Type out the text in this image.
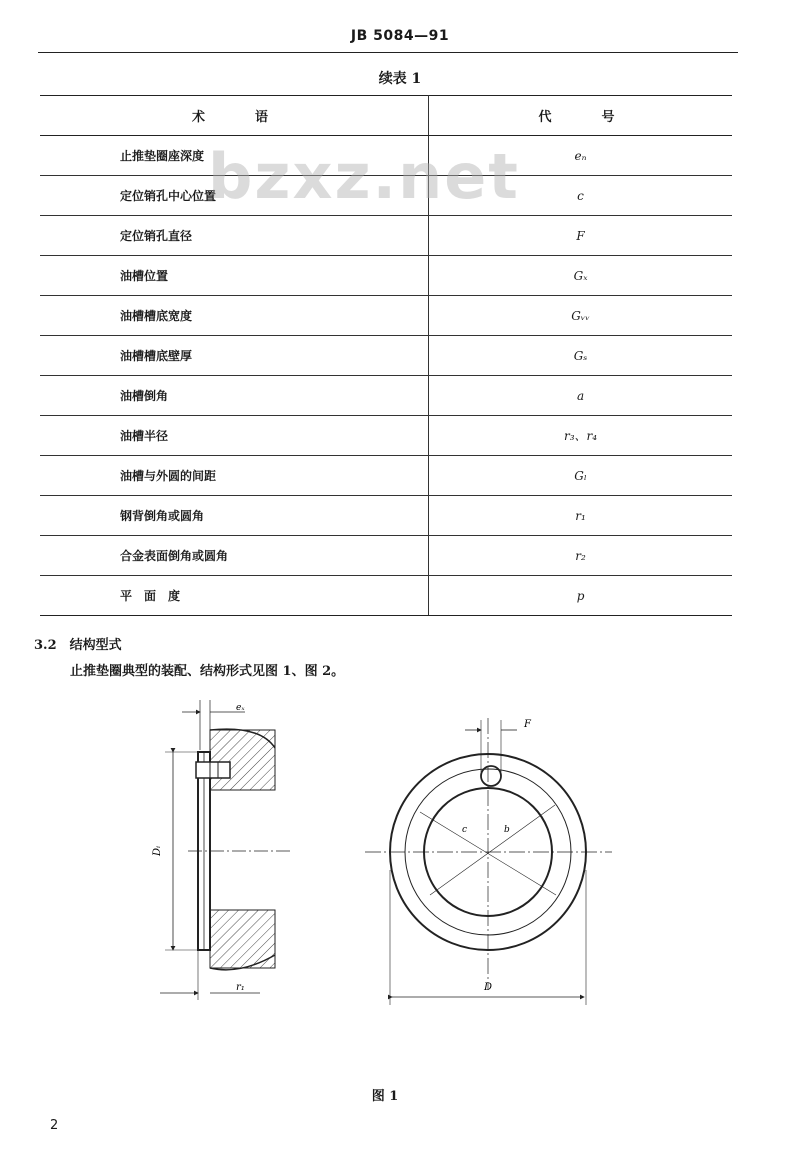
JB 5084—91
续表 1
术　　语	代　　号
止推垫圈座深度	eₙ
定位销孔中心位置	c
定位销孔直径	F
油槽位置	Gₓ
油槽槽底宽度	Gᵥᵥ
油槽槽底壁厚	Gₛ
油槽倒角	a
油槽半径	r₃、r₄
油槽与外圆的间距	Gₗ
钢背倒角或圆角	r₁
合金表面倒角或圆角	r₂
平　面　度	p
bzxz.net
3.2　结构型式
止推垫圈典型的装配、结构形式见图 1、图 2。
eₓ
Dᵢ
r₁
F
c	b
D
图 1
2
